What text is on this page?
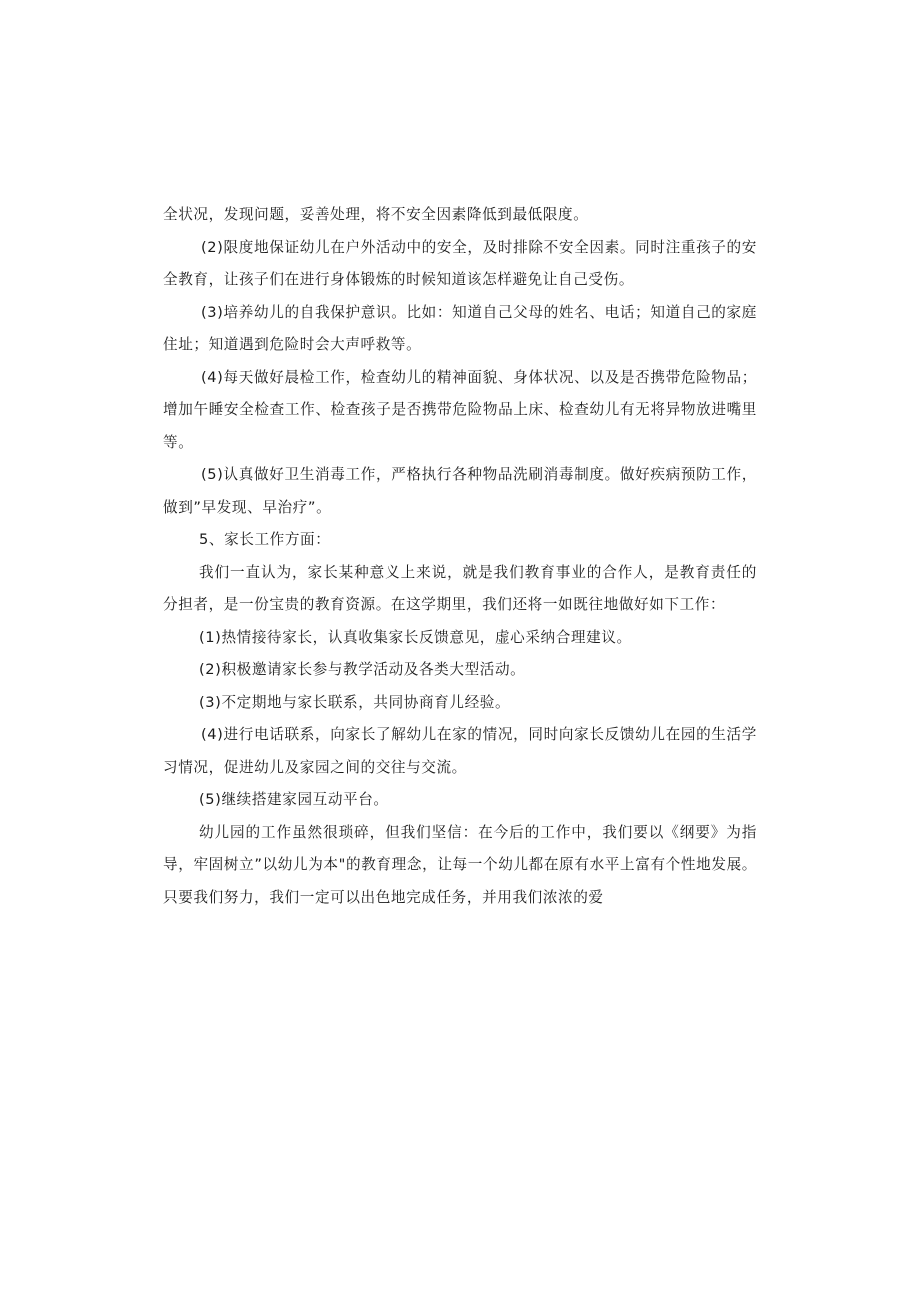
全状况，发现问题，妥善处理，将不安全因素降低到最低限度。

(2)限度地保证幼儿在户外活动中的安全，及时排除不安全因素。同时注重孩子的安全教育，让孩子们在进行身体锻炼的时候知道该怎样避免让自己受伤。

(3)培养幼儿的自我保护意识。比如：知道自己父母的姓名、电话；知道自己的家庭住址；知道遇到危险时会大声呼救等。

(4)每天做好晨检工作，检查幼儿的精神面貌、身体状况、以及是否携带危险物品；增加午睡安全检查工作、检查孩子是否携带危险物品上床、检查幼儿有无将异物放进嘴里等。

(5)认真做好卫生消毒工作，严格执行各种物品洗刷消毒制度。做好疾病预防工作，做到”早发现、早治疗”。

5、家长工作方面：

我们一直认为，家长某种意义上来说，就是我们教育事业的合作人，是教育责任的分担者，是一份宝贵的教育资源。在这学期里，我们还将一如既往地做好如下工作：

(1)热情接待家长，认真收集家长反馈意见，虚心采纳合理建议。

(2)积极邀请家长参与教学活动及各类大型活动。

(3)不定期地与家长联系，共同协商育儿经验。

(4)进行电话联系，向家长了解幼儿在家的情况，同时向家长反馈幼儿在园的生活学习情况，促进幼儿及家园之间的交往与交流。

(5)继续搭建家园互动平台。

幼儿园的工作虽然很琐碎，但我们坚信：在今后的工作中，我们要以《纲要》为指导，牢固树立”以幼儿为本"的教育理念，让每一个幼儿都在原有水平上富有个性地发展。只要我们努力，我们一定可以出色地完成任务，并用我们浓浓的爱
